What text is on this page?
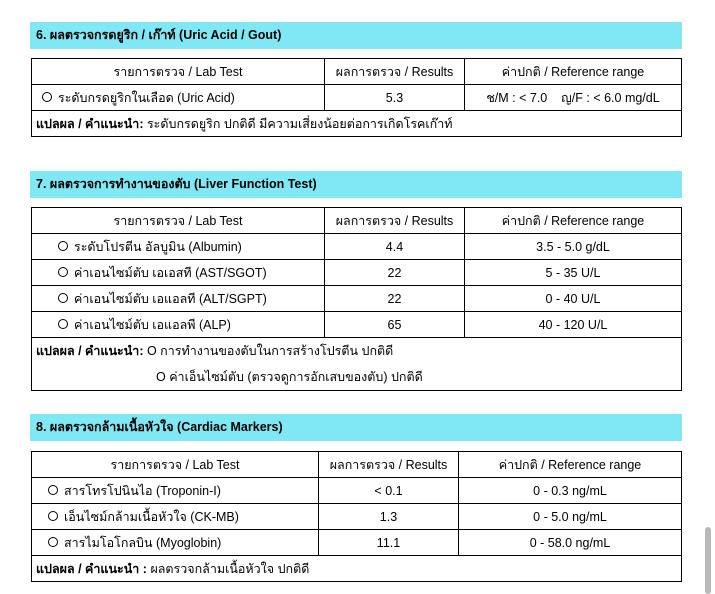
6. ผลตรวจกรดยูริก / เก๊าท์ (Uric Acid / Gout)
รายการตรวจ / Lab Test	ผลการตรวจ / Results	ค่าปกติ / Reference range
ระดับกรดยูริกในเลือด (Uric Acid)	5.3	ช/M : < 7.0    ญ/F : < 6.0 mg/dL
แปลผล / คำแนะนำ: ระดับกรดยูริก ปกติดี มีความเสี่ยงน้อยต่อการเกิดโรคเก๊าท์		
7. ผลตรวจการทำงานของตับ (Liver Function Test)
รายการตรวจ / Lab Test	ผลการตรวจ / Results	ค่าปกติ / Reference range
ระดับโปรตีน อัลบูมิน (Albumin)	4.4	3.5 - 5.0 g/dL
ค่าเอนไซม์ตับ เอเอสที (AST/SGOT)	22	5 - 35 U/L
ค่าเอนไซม์ตับ เอแอลที (ALT/SGPT)	22	0 - 40 U/L
ค่าเอนไซม์ตับ เอแอลพี (ALP)	65	40 - 120 U/L

แปลผล / คำแนะนำ: O การทำงานของตับในการสร้างโปรตีน ปกติดี
O ค่าเอ็นไซม์ตับ (ตรวจดูการอักเสบของตับ) ปกติดี		
8. ผลตรวจกล้ามเนื้อหัวใจ (Cardiac Markers)
รายการตรวจ / Lab Test	ผลการตรวจ / Results	ค่าปกติ / Reference range
สารโทรโปนินไอ (Troponin-I)	< 0.1	0 - 0.3 ng/mL
เอ็นไซม์กล้ามเนื้อหัวใจ (CK-MB)	1.3	0 - 5.0 ng/mL
สารไมโอโกลบิน (Myoglobin)	11.1	0 - 58.0 ng/mL
แปลผล / คำแนะนำ : ผลตรวจกล้ามเนื้อหัวใจ ปกติดี		
